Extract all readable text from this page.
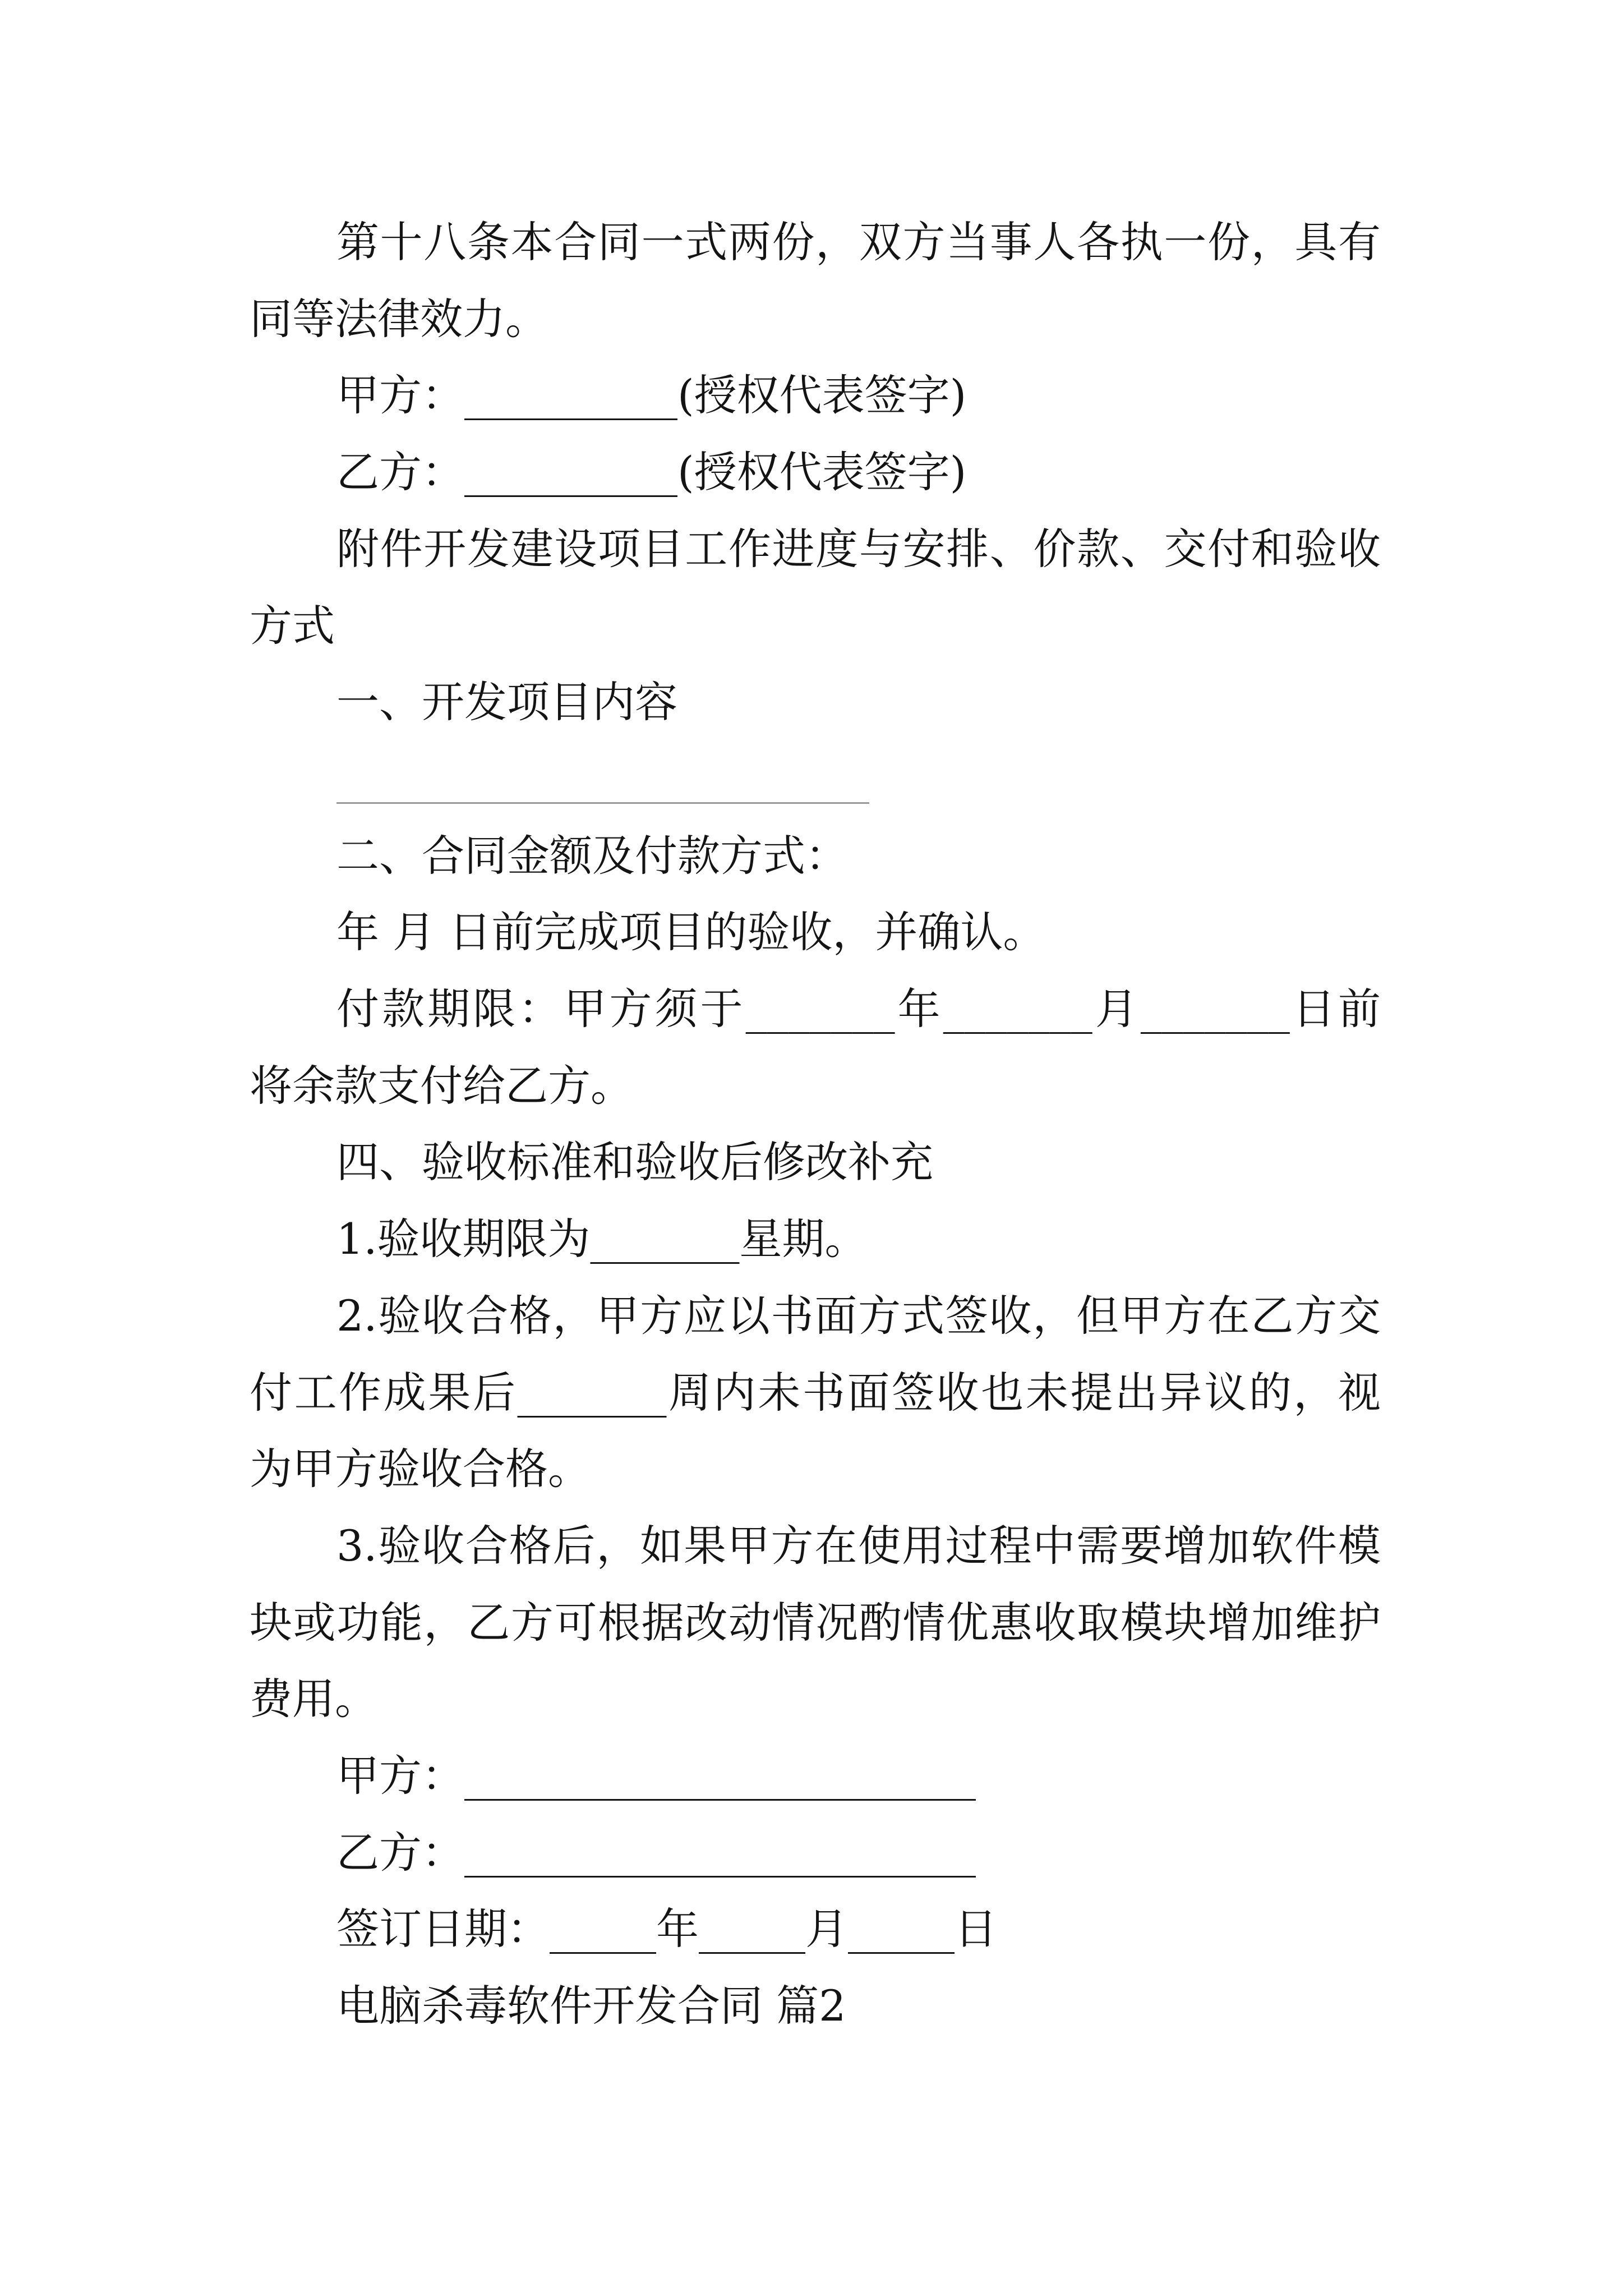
第十八条本合同一式两份，双方当事人各执一份，具有
同等法律效力。
甲方：__________(授权代表签字)
乙方：__________(授权代表签字)
附件开发建设项目工作进度与安排、价款、交付和验收
方式
一、开发项目内容
_________________________
二、合同金额及付款方式：
年 月 日前完成项目的验收，并确认。
付款期限：甲方须于_______年_______月_______日前
将余款支付给乙方。
四、验收标准和验收后修改补充
1.验收期限为_______星期。
2.验收合格，甲方应以书面方式签收，但甲方在乙方交
付工作成果后_______周内未书面签收也未提出异议的，视
为甲方验收合格。
3.验收合格后，如果甲方在使用过程中需要增加软件模
块或功能，乙方可根据改动情况酌情优惠收取模块增加维护
费用。
甲方：________________________
乙方：________________________
签订日期：_____年_____月_____日
电脑杀毒软件开发合同 篇2
